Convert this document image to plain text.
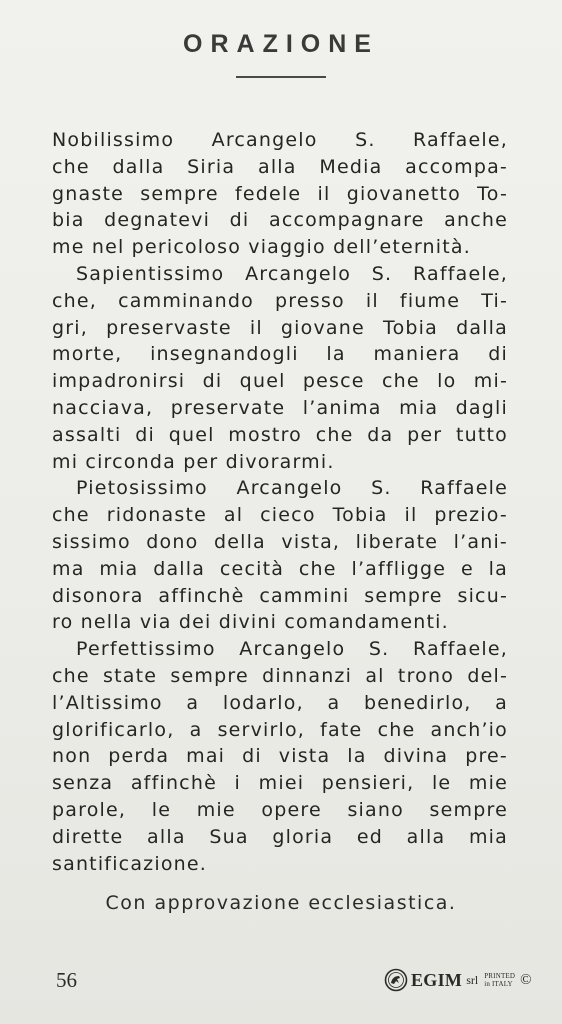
ORAZIONE
Nobilissimo Arcangelo S. Raffaele,
che dalla Siria alla Media accompa-
gnaste sempre fedele il giovanetto To-
bia degnatevi di accompagnare anche
me nel pericoloso viaggio dell’eternità.
Sapientissimo Arcangelo S. Raffaele,
che, camminando presso il fiume Ti-
gri, preservaste il giovane Tobia dalla
morte, insegnandogli la maniera di
impadronirsi di quel pesce che lo mi-
nacciava, preservate l’anima mia dagli
assalti di quel mostro che da per tutto
mi circonda per divorarmi.
Pietosissimo Arcangelo S. Raffaele
che ridonaste al cieco Tobia il prezio-
sissimo dono della vista, liberate l’ani-
ma mia dalla cecità che l’affligge e la
disonora affinchè cammini sempre sicu-
ro nella via dei divini comandamenti.
Perfettissimo Arcangelo S. Raffaele,
che state sempre dinnanzi al trono del-
l’Altissimo a lodarlo, a benedirlo, a
glorificarlo, a servirlo, fate che anch’io
non perda mai di vista la divina pre-
senza affinchè i miei pensieri, le mie
parole, le mie opere siano sempre
dirette alla Sua gloria ed alla mia
santificazione.
Con approvazione ecclesiastica.
56	EGIM srl PRINTED
in ITALY ©
